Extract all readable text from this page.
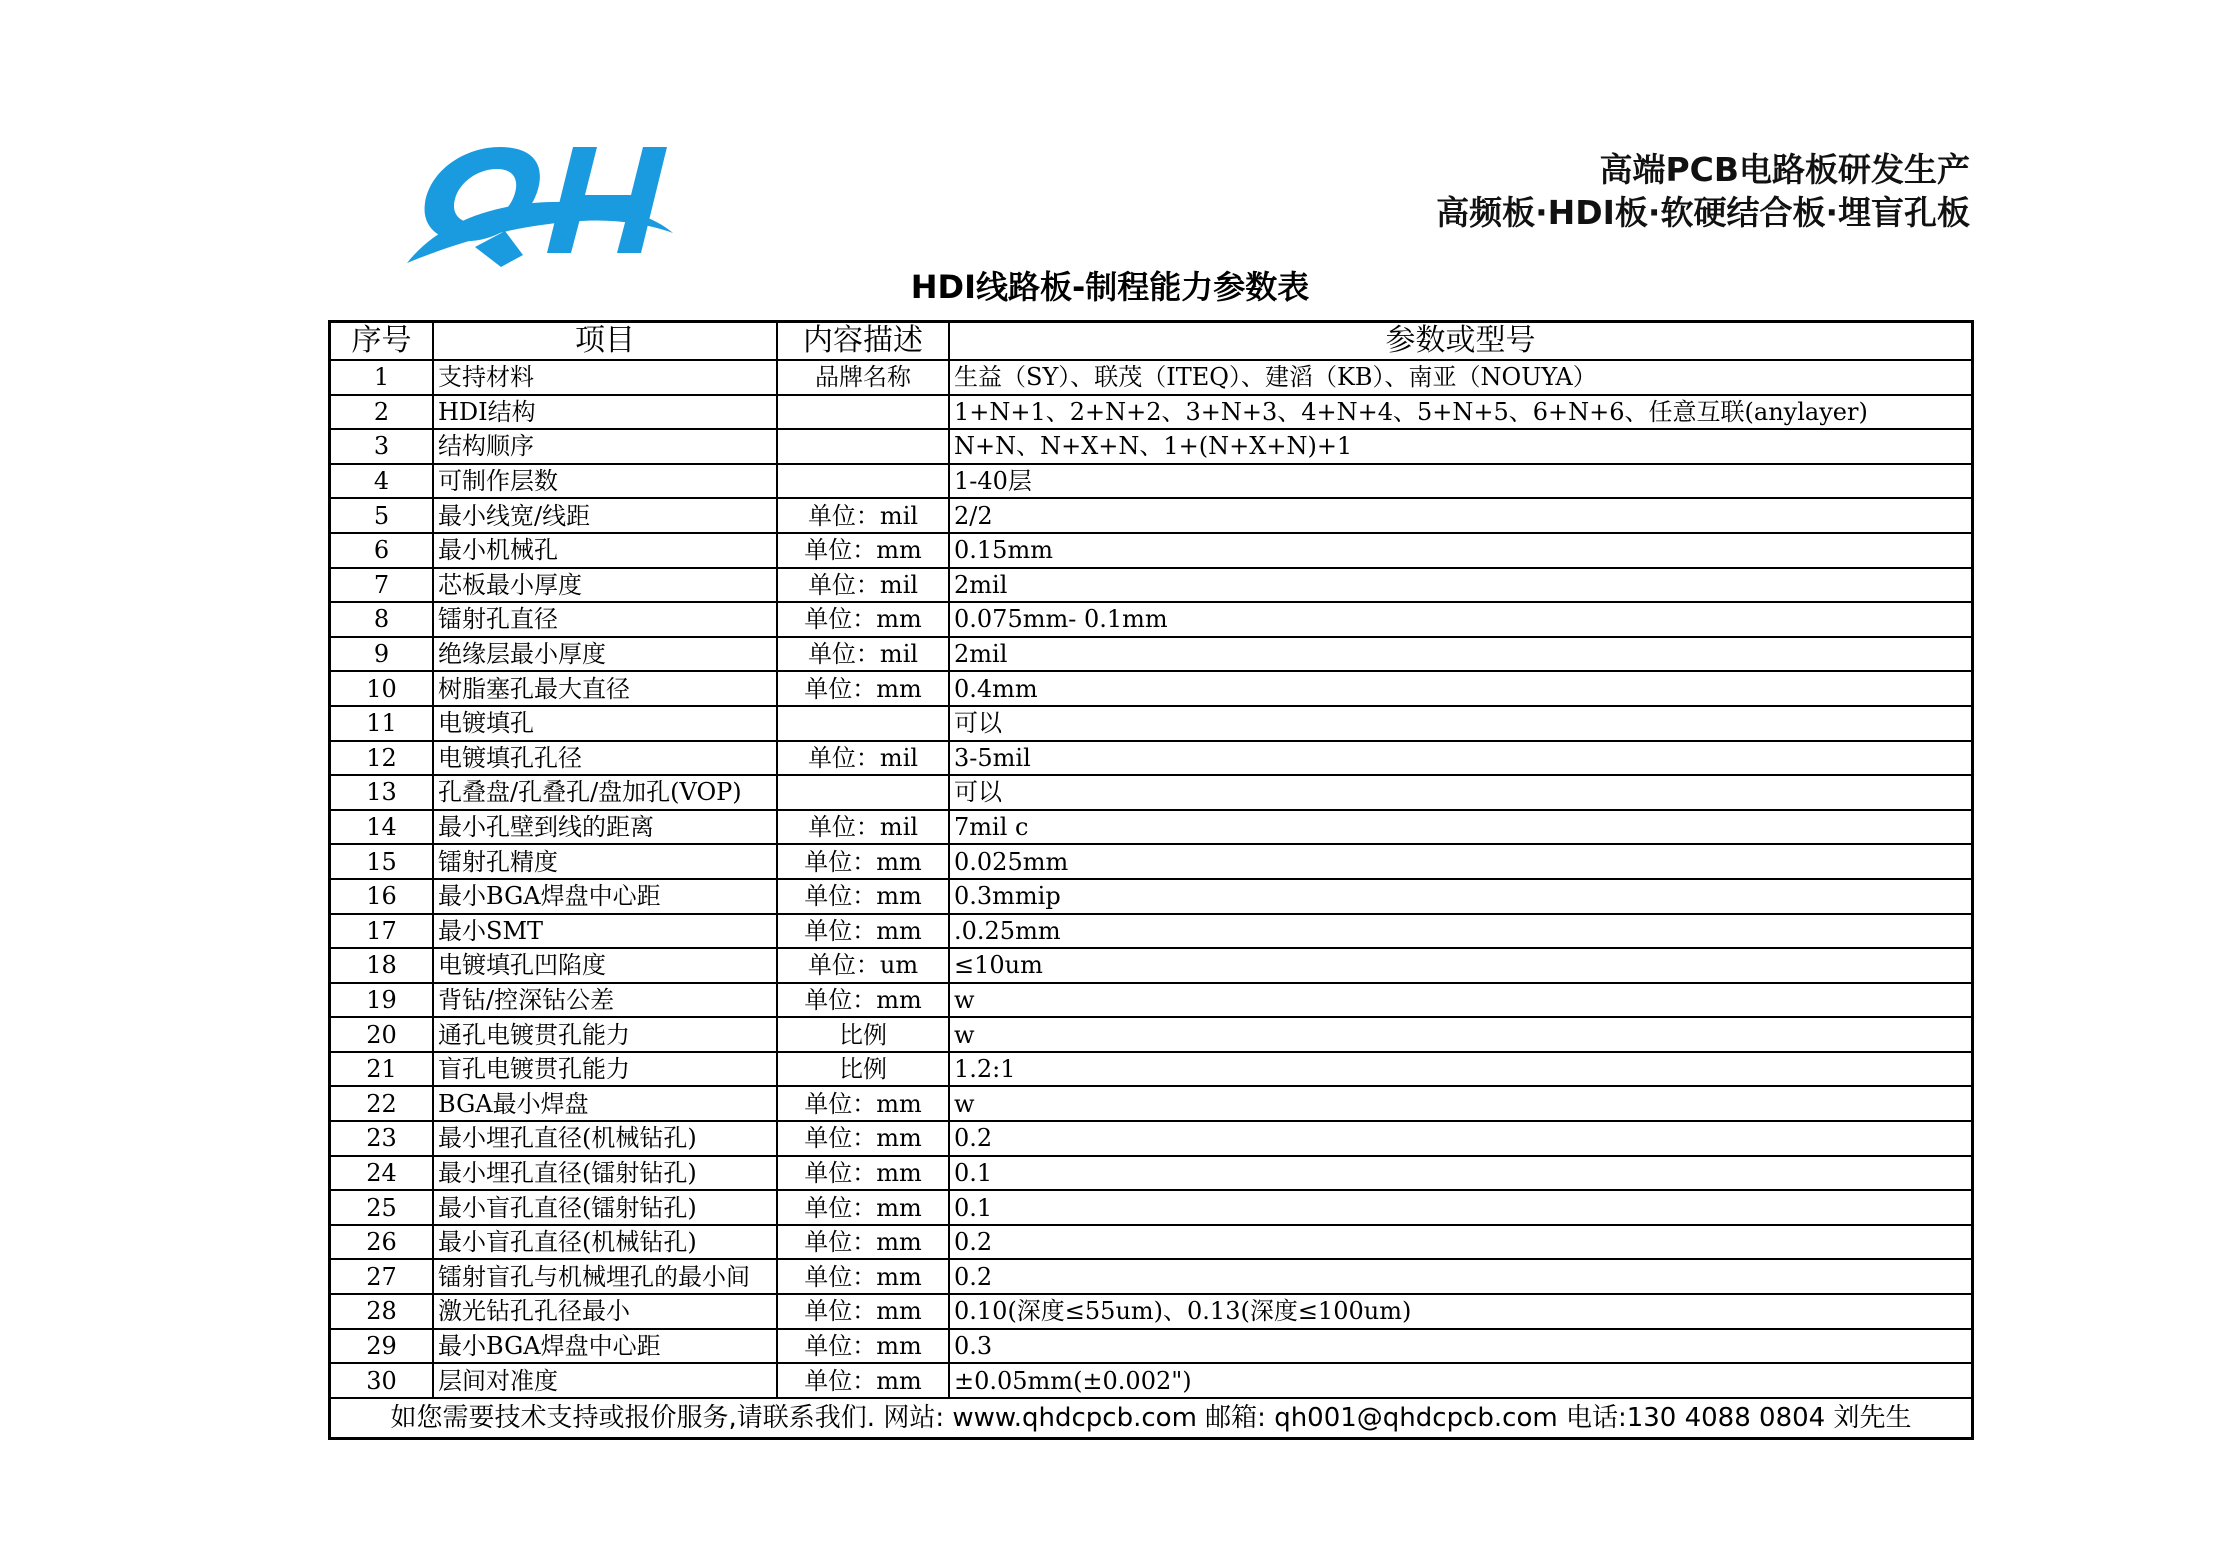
高端PCB电路板研发生产
高频板·HDI板·软硬结合板·埋盲孔板
HDI线路板-制程能力参数表
序号	项目	内容描述	参数或型号
1	支持材料	品牌名称	生益（SY）、联茂（ITEQ）、建滔（KB）、南亚（NOUYA）
2	HDI结构		1+N+1、2+N+2、3+N+3、4+N+4、5+N+5、6+N+6、任意互联(anylayer)
3	结构顺序		N+N、N+X+N、1+(N+X+N)+1
4	可制作层数		1-40层
5	最小线宽/线距	单位：mil	2/2
6	最小机械孔	单位：mm	0.15mm
7	芯板最小厚度	单位：mil	2mil
8	镭射孔直径	单位：mm	0.075mm- 0.1mm
9	绝缘层最小厚度	单位：mil	2mil
10	树脂塞孔最大直径	单位：mm	0.4mm
11	电镀填孔		可以
12	电镀填孔孔径	单位：mil	3-5mil
13	孔叠盘/孔叠孔/盘加孔(VOP)		可以
14	最小孔壁到线的距离	单位：mil	7mil c
15	镭射孔精度	单位：mm	0.025mm
16	最小BGA焊盘中心距	单位：mm	0.3mmip
17	最小SMT	单位：mm	.0.25mm
18	电镀填孔凹陷度	单位：um	≤10um
19	背钻/控深钻公差	单位：mm	w
20	通孔电镀贯孔能力	比例	w
21	盲孔电镀贯孔能力	比例	1.2:1
22	BGA最小焊盘	单位：mm	w
23	最小埋孔直径(机械钻孔)	单位：mm	0.2
24	最小埋孔直径(镭射钻孔)	单位：mm	0.1
25	最小盲孔直径(镭射钻孔)	单位：mm	0.1
26	最小盲孔直径(机械钻孔)	单位：mm	0.2
27	镭射盲孔与机械埋孔的最小间	单位：mm	0.2
28	激光钻孔孔径最小	单位：mm	0.10(深度≤55um)、0.13(深度≤100um)
29	最小BGA焊盘中心距	单位：mm	0.3
30	层间对准度	单位：mm	±0.05mm(±0.002")
如您需要技术支持或报价服务,请联系我们. 网站: www.qhdcpcb.com 邮箱: qh001@qhdcpcb.com 电话:130 4088 0804 刘先生			
